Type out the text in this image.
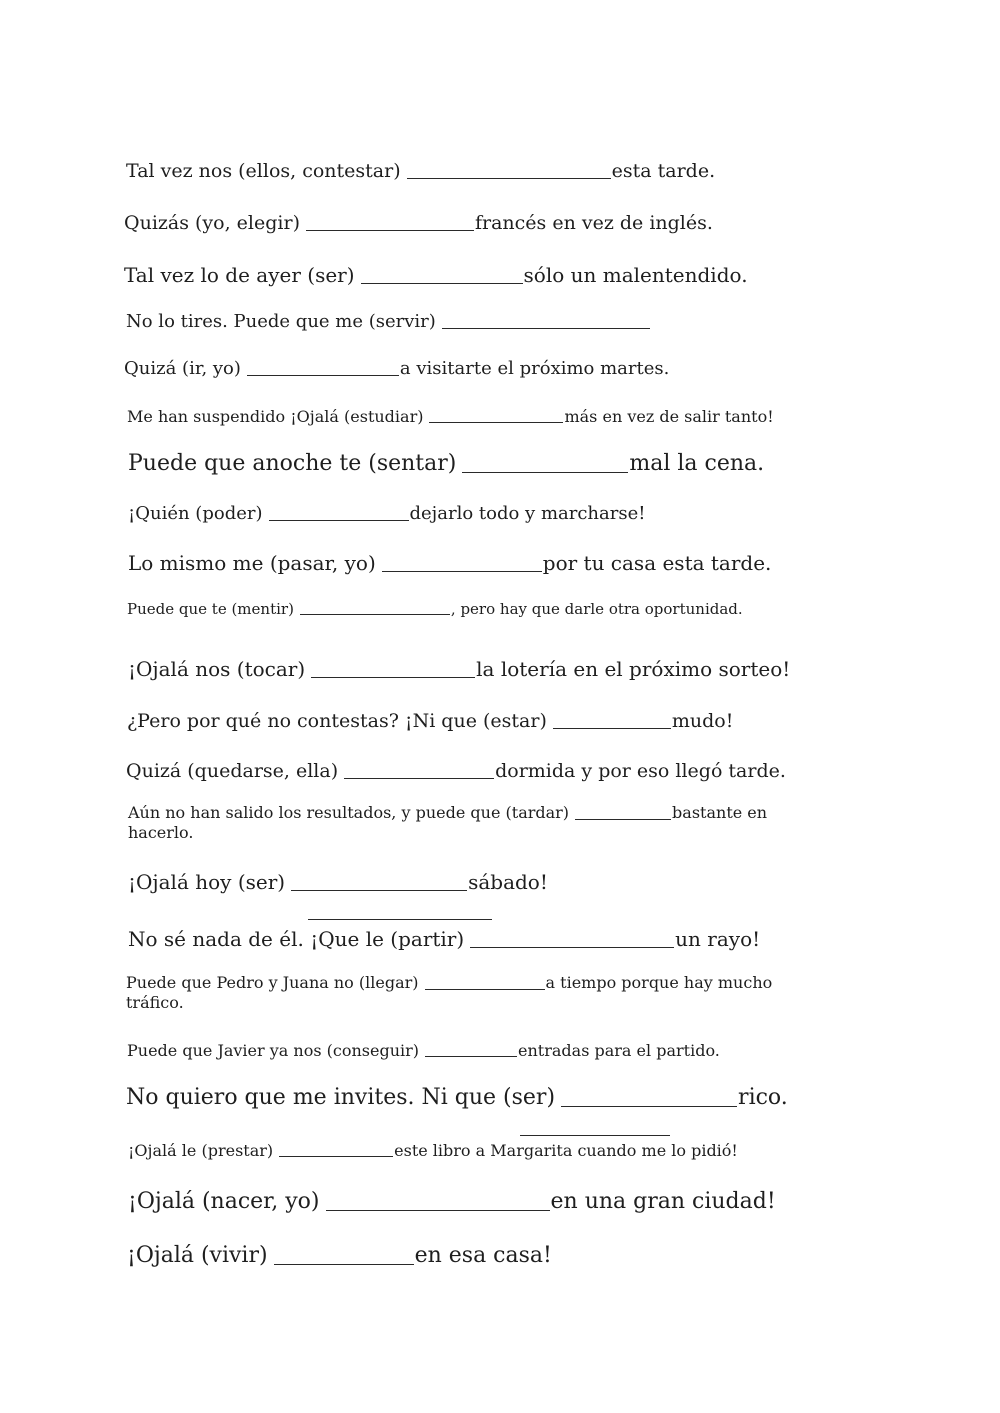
Tal vez nos (ellos, contestar)	esta tarde.
Quizás (yo, elegir)	francés en vez de inglés.
Tal vez lo de ayer (ser)	sólo un malentendido.
No lo tires. Puede que me (servir)
Quizá (ir, yo)	a visitarte el próximo martes.
Me han suspendido ¡Ojalá (estudiar)	más en vez de salir tanto!
Puede que anoche te (sentar)	mal la cena.
¡Quién (poder)	dejarlo todo y marcharse!
Lo mismo me (pasar, yo)	por tu casa esta tarde.
Puede que te (mentir)	, pero hay que darle otra oportunidad.
¡Ojalá nos (tocar)	la lotería en el próximo sorteo!
¿Pero por qué no contestas? ¡Ni que (estar)	mudo!
Quizá (quedarse, ella)	dormida y por eso llegó tarde.
Aún no han salido los resultados, y puede que (tardar)	bastante en
hacerlo.
¡Ojalá hoy (ser)	sábado!
No sé nada de él. ¡Que le (partir)	un rayo!
Puede que Pedro y Juana no (llegar)	a tiempo porque hay mucho
tráfico.
Puede que Javier ya nos (conseguir)	entradas para el partido.
No quiero que me invites. Ni que (ser)	rico.
¡Ojalá le (prestar)	este libro a Margarita cuando me lo pidió!
¡Ojalá (nacer, yo)	en una gran ciudad!
¡Ojalá (vivir)	en esa casa!
